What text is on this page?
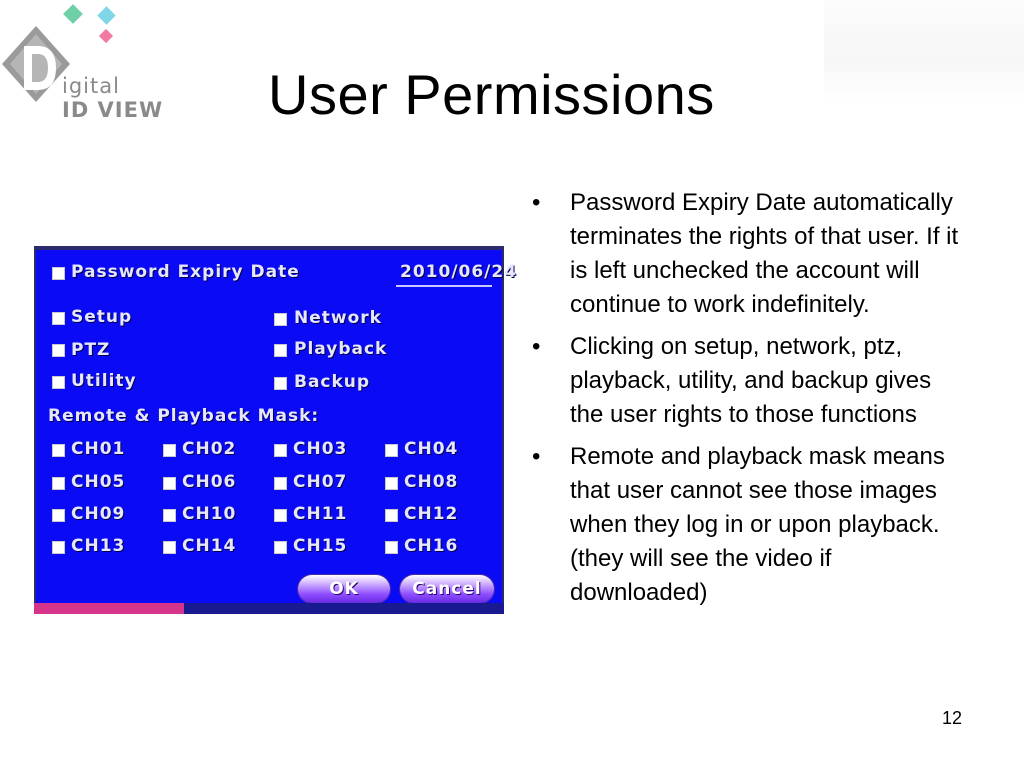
igital
ID VIEW User Permissions
Password Expiry Date	2010/06/24
Setup	Network
PTZ	Playback
Utility	Backup
Remote & Playback Mask:
CH01	CH02	CH03	CH04
CH05	CH06	CH07	CH08
CH09	CH10	CH11	CH12
CH13	CH14	CH15	CH16
OK	Cancel
• Password Expiry Date automatically terminates the rights of that user. If it is left unchecked the account will continue to work indefinitely.
• Clicking on setup, network, ptz, playback, utility, and backup gives the user rights to those functions
• Remote and playback mask means that user cannot see those images when they log in or upon playback. (they will see the video if downloaded)
12
